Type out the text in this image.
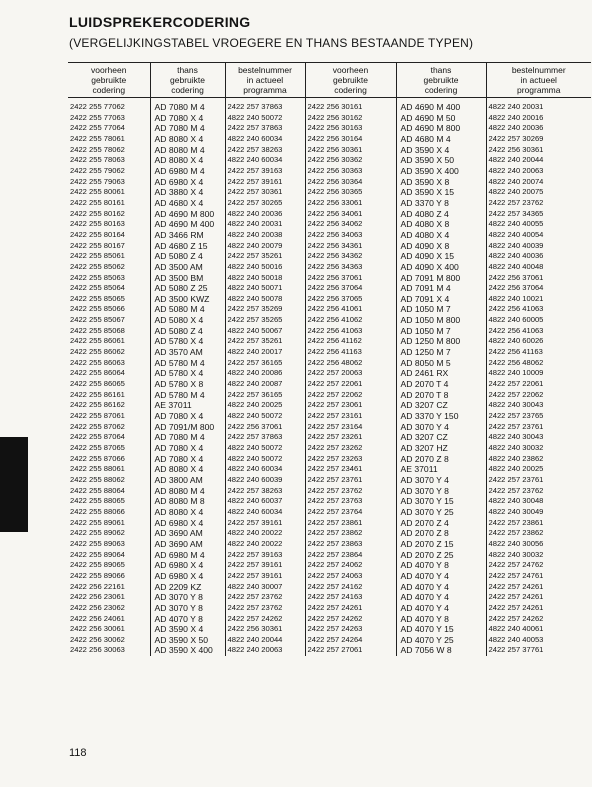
LUIDSPREKERCODERING
(VERGELIJKINGSTABEL VROEGERE EN THANS BESTAANDE TYPEN)
voorheen
gebruikte
codering	thans
gebruikte
codering	bestelnummer
in actueel
programma	voorheen
gebruikte
codering	thans
gebruikte
codering	bestelnummer
in actueel
programma
2422 255 77062	AD 7080 M 4	2422 257 37863	2422 256 30161	AD 4690 M 400	4822 240 20031
2422 255 77063	AD 7080 X 4	4822 240 50072	2422 256 30162	AD 4690 M 50	4822 240 20016
2422 255 77064	AD 7080 M 4	2422 257 37863	2422 256 30163	AD 4690 M 800	4822 240 20036
2422 255 78061	AD 8080 X 4	4822 240 60034	2422 256 30164	AD 4680 M 4	2422 257 30269
2422 255 78062	AD 8080 M 4	2422 257 38263	2422 256 30361	AD 3590 X 4	2422 256 30361
2422 255 78063	AD 8080 X 4	4822 240 60034	2422 256 30362	AD 3590 X 50	4822 240 20044
2422 255 79062	AD 6980 M 4	2422 257 39163	2422 256 30363	AD 3590 X 400	4822 240 20063
2422 255 79063	AD 6980 X 4	2422 257 39161	2422 256 30364	AD 3590 X 8	4822 240 20074
2422 255 80061	AD 3880 X 4	2422 257 30361	2422 256 30365	AD 3590 X 15	4822 240 20075
2422 255 80161	AD 4680 X 4	2422 257 30265	2422 256 33061	AD 3370 Y 8	2422 257 23762
2422 255 80162	AD 4690 M 800	4822 240 20036	2422 256 34061	AD 4080 Z 4	2422 257 34365
2422 255 80163	AD 4690 M 400	4822 240 20031	2422 256 34062	AD 4080 X 8	4822 240 40055
2422 255 80164	AD 3466 RM	4822 240 20038	2422 256 34063	AD 4080 X 4	4822 240 40054
2422 255 80167	AD 4680 Z 15	4822 240 20079	2422 256 34361	AD 4090 X 8	4822 240 40039
2422 255 85061	AD 5080 Z 4	2422 257 35261	2422 256 34362	AD 4090 X 15	4822 240 40036
2422 255 85062	AD 3500 AM	4822 240 50016	2422 256 34363	AD 4090 X 400	4822 240 40048
2422 255 85063	AD 3500 BM	4822 240 50018	2422 256 37061	AD 7091 M 800	2422 256 37061
2422 255 85064	AD 5080 Z 25	4822 240 50071	2422 256 37064	AD 7091 M 4	2422 256 37064
2422 255 85065	AD 3500 KWZ	4822 240 50078	2422 256 37065	AD 7091 X 4	4822 240 10021
2422 255 85066	AD 5080 M 4	2422 257 35269	2422 256 41061	AD 1050 M 7	2422 256 41063
2422 255 85067	AD 5080 X 4	2422 257 35265	2422 256 41062	AD 1050 M 800	4822 240 60005
2422 255 85068	AD 5080 Z 4	4822 240 50067	2422 256 41063	AD 1050 M 7	2422 256 41063
2422 255 86061	AD 5780 X 4	2422 257 35261	2422 256 41162	AD 1250 M 800	4822 240 60026
2422 255 86062	AD 3570 AM	4822 240 20017	2422 256 41163	AD 1250 M 7	2422 256 41163
2422 255 86063	AD 5780 M 4	2422 257 36165	2422 256 48062	AD 8050 M 5	2422 256 48062
2422 255 86064	AD 5780 X 4	4822 240 20086	2422 257 20063	AD 2461 RX	4822 240 10009
2422 255 86065	AD 5780 X 8	4822 240 20087	2422 257 22061	AD 2070 T 4	2422 257 22061
2422 255 86161	AD 5780 M 4	2422 257 36165	2422 257 22062	AD 2070 T 8	2422 257 22062
2422 255 86162	AE 37011	4822 240 20025	2422 257 23061	AD 3207 CZ	4822 240 30043
2422 255 87061	AD 7080 X 4	4822 240 50072	2422 257 23161	AD 3370 Y 150	2422 257 23765
2422 255 87062	AD 7091/M 800	2422 256 37061	2422 257 23164	AD 3070 Y 4	2422 257 23761
2422 255 87064	AD 7080 M 4	2422 257 37863	2422 257 23261	AD 3207 CZ	4822 240 30043
2422 255 87065	AD 7080 X 4	4822 240 50072	2422 257 23262	AD 3207 HZ	4822 240 30032
2422 255 87066	AD 7080 X 4	4822 240 50072	2422 257 23263	AD 2070 Z 8	4822 240 23862
2422 255 88061	AD 8080 X 4	4822 240 60034	2422 257 23461	AE 37011	4822 240 20025
2422 255 88062	AD 3800 AM	4822 240 60039	2422 257 23761	AD 3070 Y 4	2422 257 23761
2422 255 88064	AD 8080 M 4	2422 257 38263	2422 257 23762	AD 3070 Y 8	2422 257 23762
2422 255 88065	AD 8080 M 8	4822 240 60037	2422 257 23763	AD 3070 Y 15	4822 240 30048
2422 255 88066	AD 8080 X 4	4822 240 60034	2422 257 23764	AD 3070 Y 25	4822 240 30049
2422 255 89061	AD 6980 X 4	2422 257 39161	2422 257 23861	AD 2070 Z 4	2422 257 23861
2422 255 89062	AD 3690 AM	4822 240 20022	2422 257 23862	AD 2070 Z 8	2422 257 23862
2422 255 89063	AD 3690 AM	4822 240 20022	2422 257 23863	AD 2070 Z 15	4822 240 30056
2422 255 89064	AD 6980 M 4	2422 257 39163	2422 257 23864	AD 2070 Z 25	4822 240 30032
2422 255 89065	AD 6980 X 4	2422 257 39161	2422 257 24062	AD 4070 Y 8	2422 257 24762
2422 255 89066	AD 6980 X 4	2422 257 39161	2422 257 24063	AD 4070 Y 4	2422 257 24761
2422 256 22161	AD 2209 KZ	4822 240 30007	2422 257 24162	AD 4070 Y 4	2422 257 24261
2422 256 23061	AD 3070 Y 8	2422 257 23762	2422 257 24163	AD 4070 Y 4	2422 257 24261
2422 256 23062	AD 3070 Y 8	2422 257 23762	2422 257 24261	AD 4070 Y 4	2422 257 24261
2422 256 24061	AD 4070 Y 8	2422 257 24262	2422 257 24262	AD 4070 Y 8	2422 257 24262
2422 256 30061	AD 3590 X 4	2422 256 30361	2422 257 24263	AD 4070 Y 15	4822 240 40061
2422 256 30062	AD 3590 X 50	4822 240 20044	2422 257 24264	AD 4070 Y 25	4822 240 40053
2422 256 30063	AD 3590 X 400	4822 240 20063	2422 257 27061	AD 7056 W 8	2422 257 37761
118
